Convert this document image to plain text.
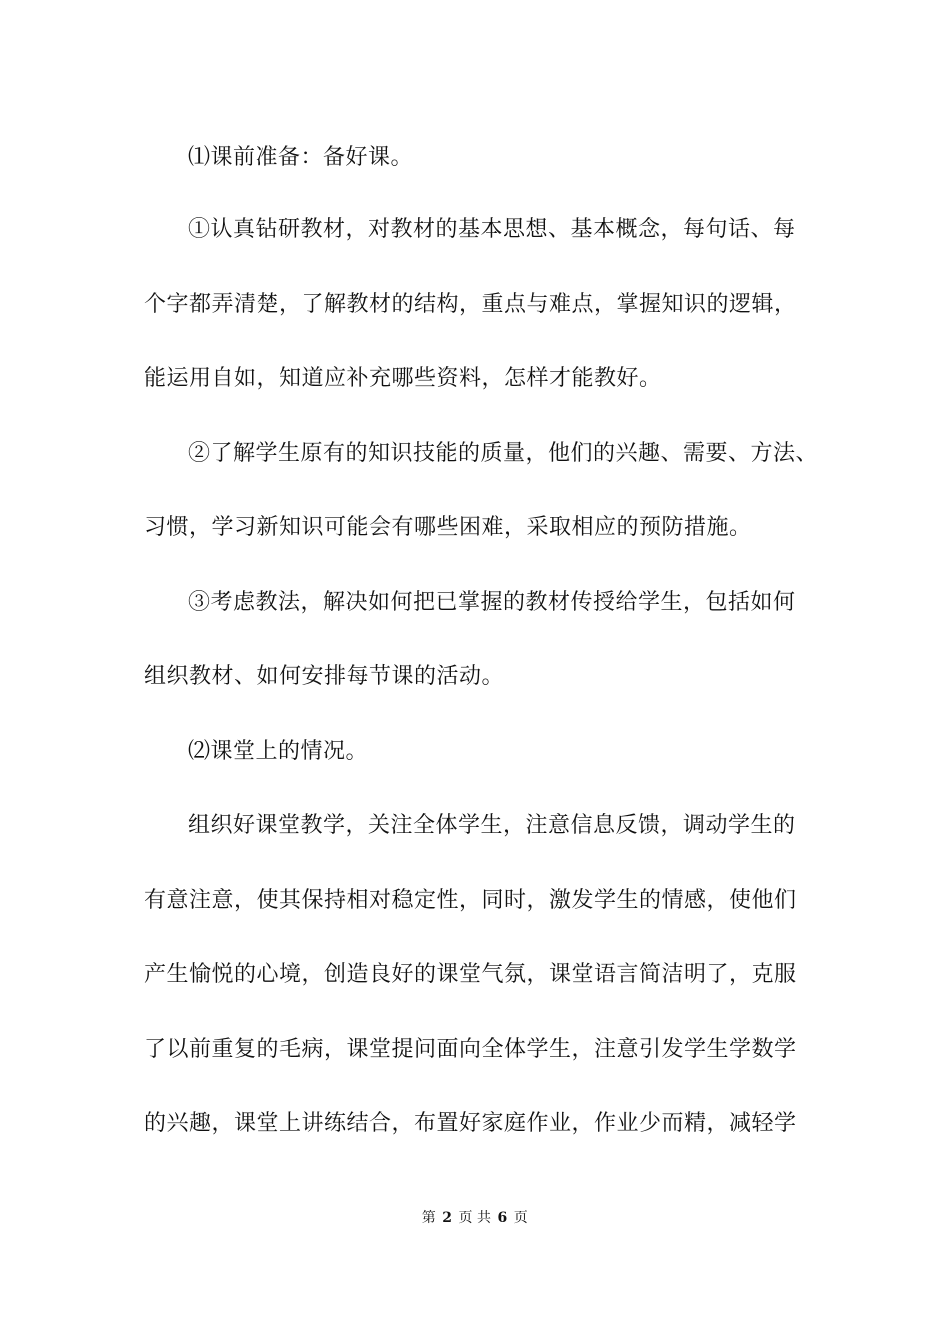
⑴课前准备：备好课。
①认真钻研教材，对教材的基本思想、基本概念，每句话、每
个字都弄清楚，了解教材的结构，重点与难点，掌握知识的逻辑，
能运用自如，知道应补充哪些资料，怎样才能教好。
②了解学生原有的知识技能的质量，他们的兴趣、需要、方法、
习惯，学习新知识可能会有哪些困难，采取相应的预防措施。
③考虑教法，解决如何把已掌握的教材传授给学生，包括如何
组织教材、如何安排每节课的活动。
⑵课堂上的情况。
组织好课堂教学，关注全体学生，注意信息反馈，调动学生的
有意注意，使其保持相对稳定性，同时，激发学生的情感，使他们
产生愉悦的心境，创造良好的课堂气氛，课堂语言简洁明了，克服
了以前重复的毛病，课堂提问面向全体学生，注意引发学生学数学
的兴趣，课堂上讲练结合，布置好家庭作业，作业少而精，减轻学
第 2 页 共 6 页
